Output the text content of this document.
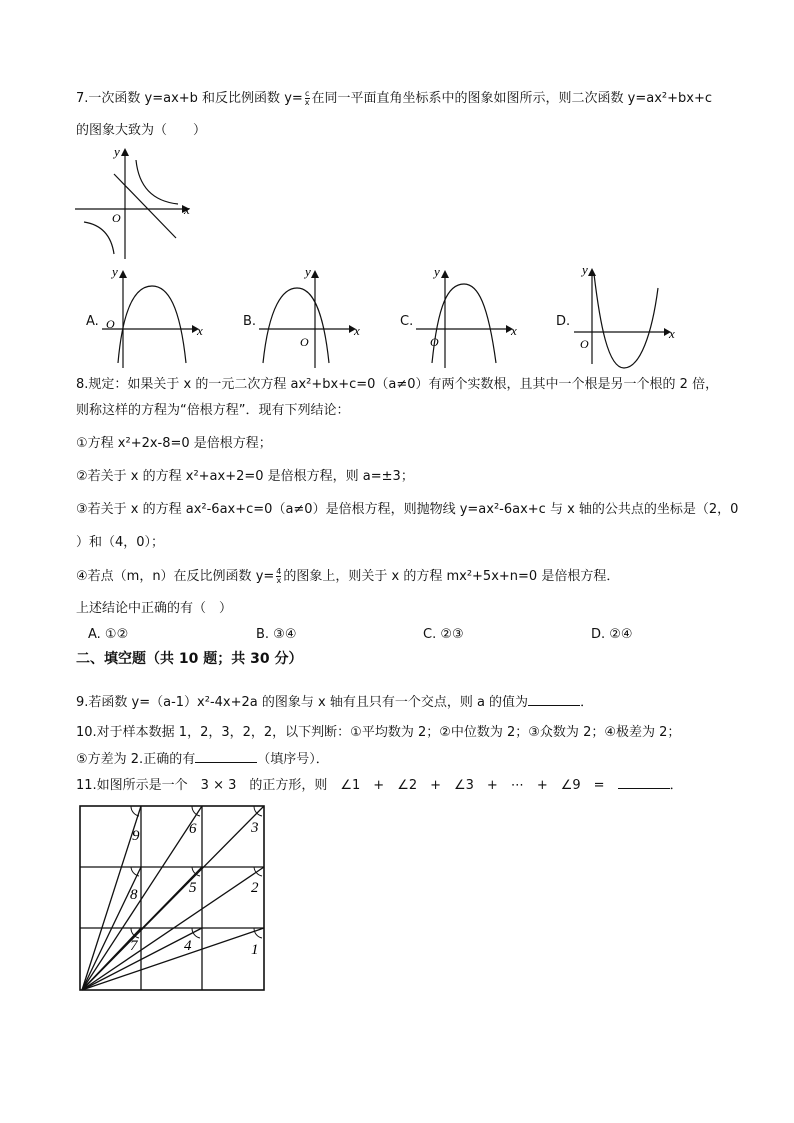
7.一次函数 y=ax+b 和反比例函数 $y= \frac{c}{x}$ 在同一平面直角坐标系中的图象如图所示，则二次函数 y=ax²+bx+c
的图象大致为（　　）
y
x
O
A.
y
x
O	B.
y
x
O
C.
y
x
O
D.
y
x
O
8.规定：如果关于 x 的一元二次方程 ax²+bx+c=0（a≠0）有两个实数根，且其中一个根是另一个根的 2 倍，
则称这样的方程为“倍根方程”．现有下列结论：
①方程 x²+2x-8=0 是倍根方程；
②若关于 x 的方程 x²+ax+2=0 是倍根方程，则 a=±3；
③若关于 x 的方程 ax²-6ax+c=0（a≠0）是倍根方程，则抛物线 y=ax²-6ax+c 与 x 轴的公共点的坐标是（2，0
）和（4，0）；
④若点（m，n）在反比例函数 $y= \frac{4}{x}$ 的图象上，则关于 x 的方程 mx²+5x+n=0 是倍根方程．
上述结论中正确的有（　）
A. ①②	B. ③④	C. ②③	D. ②④
二、填空题（共 10 题；共 30 分）
9.若函数 y=（a-1）x²-4x+2a 的图象与 x 轴有且只有一个交点，则 a 的值为	．
10.对于样本数据 1，2，3，2，2，以下判断：①平均数为 2；②中位数为 2；③众数为 2；④极差为 2；
⑤方差为 2.正确的有	（填序号）．
11.如图所示是一个　3 × 3　的正方形，则　∠1　+　∠2　+　∠3　+　⋯　+　∠9　=　	．
1
2
3
4
5
6
7
8
9
